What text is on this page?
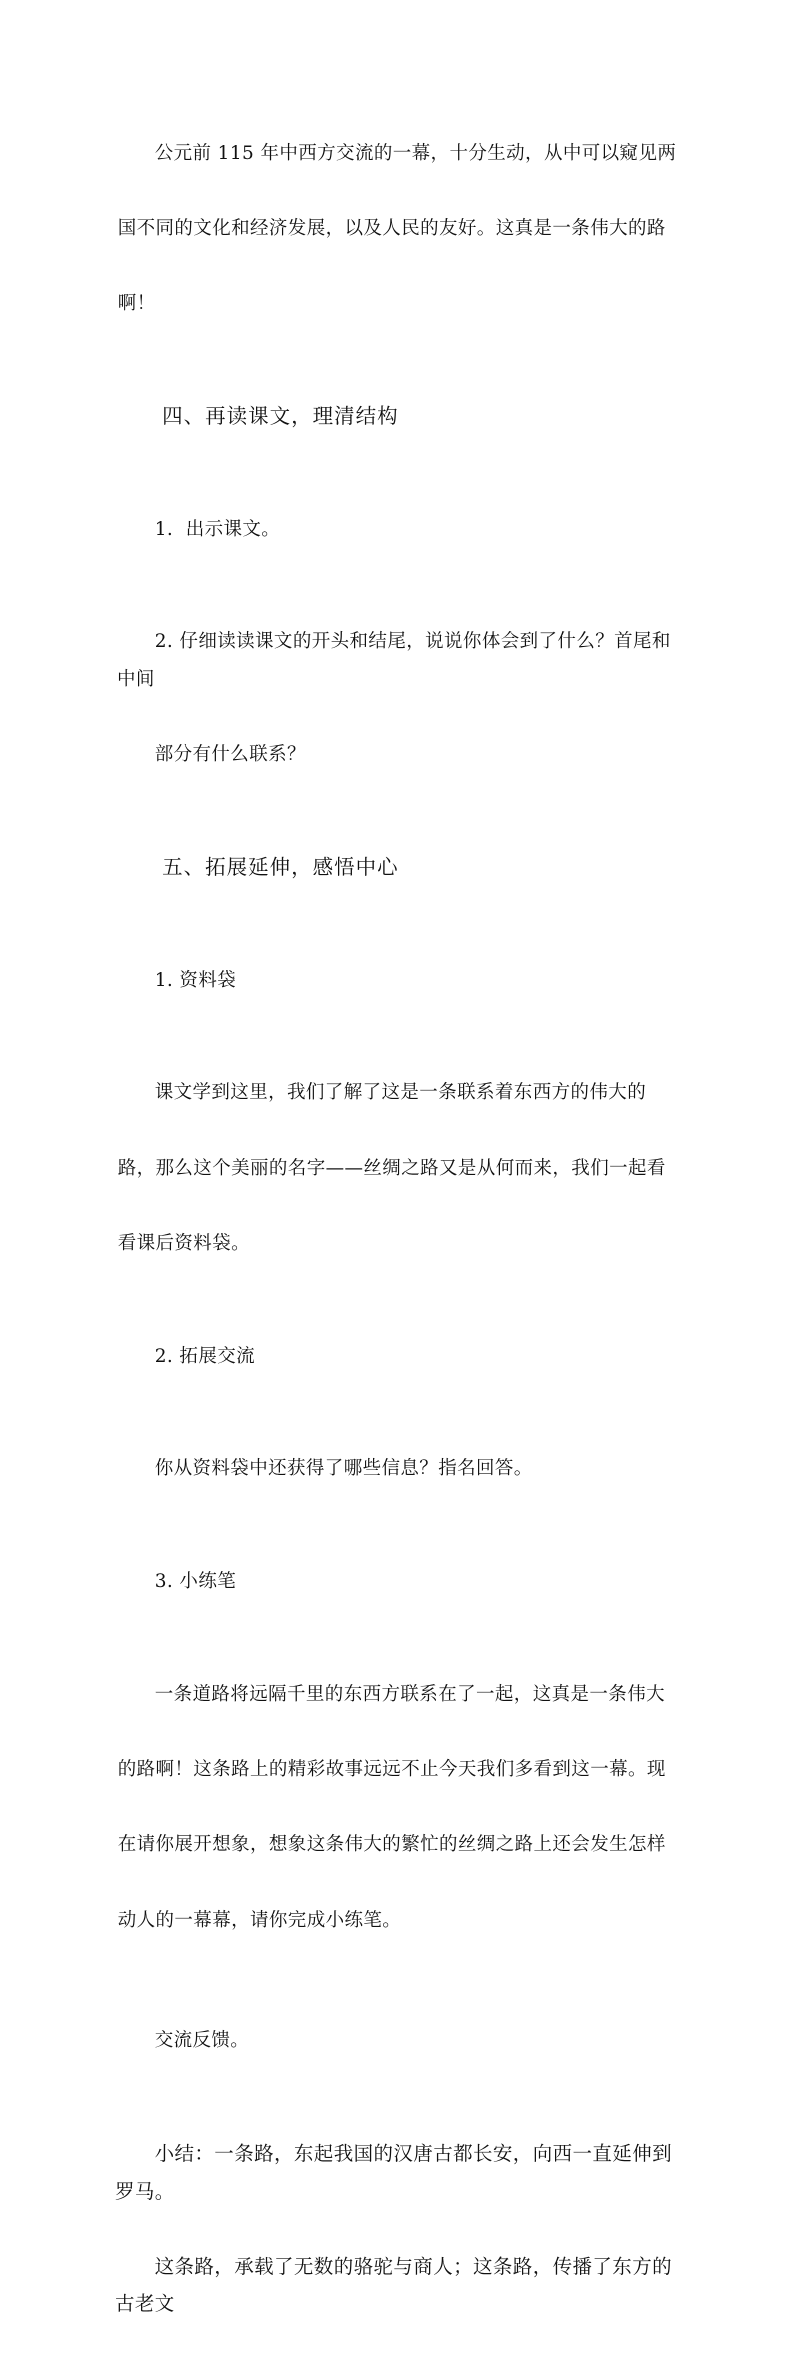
公元前 115 年中西方交流的一幕，十分生动，从中可以窥见两

国不同的文化和经济发展，以及人民的友好。这真是一条伟大的路

啊！

四、再读课文，理清结构

1.  出示课文。

2. 仔细读读课文的开头和结尾，说说你体会到了什么？首尾和中间

部分有什么联系？

五、拓展延伸，感悟中心

1. 资料袋

课文学到这里，我们了解了这是一条联系着东西方的伟大的

路，那么这个美丽的名字——丝绸之路又是从何而来，我们一起看

看课后资料袋。

2. 拓展交流

你从资料袋中还获得了哪些信息？指名回答。

3. 小练笔

一条道路将远隔千里的东西方联系在了一起，这真是一条伟大

的路啊！这条路上的精彩故事远远不止今天我们多看到这一幕。现

在请你展开想象，想象这条伟大的繁忙的丝绸之路上还会发生怎样

动人的一幕幕，请你完成小练笔。

交流反馈。

小结：一条路，东起我国的汉唐古都长安，向西一直延伸到罗马。

这条路，承载了无数的骆驼与商人；这条路，传播了东方的古老文
